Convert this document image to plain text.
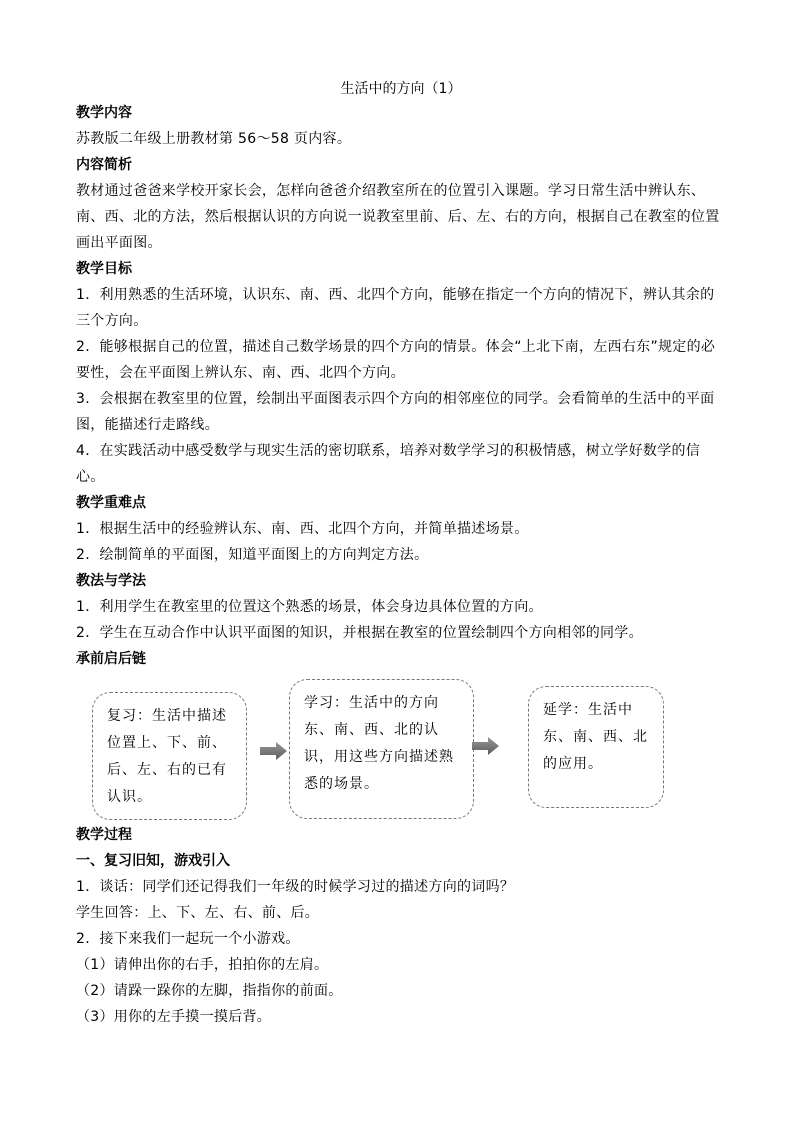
生活中的方向（1）
教学内容
苏教版二年级上册教材第 56～58 页内容。
内容简析
教材通过爸爸来学校开家长会，怎样向爸爸介绍教室所在的位置引入课题。学习日常生活中辨认东、南、西、北的方法，然后根据认识的方向说一说教室里前、后、左、右的方向，根据自己在教室的位置画出平面图。
教学目标
1．利用熟悉的生活环境，认识东、南、西、北四个方向，能够在指定一个方向的情况下，辨认其余的三个方向。
2．能够根据自己的位置，描述自己数学场景的四个方向的情景。体会“上北下南，左西右东”规定的必要性，会在平面图上辨认东、南、西、北四个方向。
3．会根据在教室里的位置，绘制出平面图表示四个方向的相邻座位的同学。会看简单的生活中的平面图，能描述行走路线。
4．在实践活动中感受数学与现实生活的密切联系，培养对数学学习的积极情感，树立学好数学的信心。
教学重难点
1．根据生活中的经验辨认东、南、西、北四个方向，并简单描述场景。
2．绘制简单的平面图，知道平面图上的方向判定方法。
教法与学法
1．利用学生在教室里的位置这个熟悉的场景，体会身边具体位置的方向。
2．学生在互动合作中认识平面图的知识，并根据在教室的位置绘制四个方向相邻的同学。
承前启后链
复习：生活中描述位置上、下、前、后、左、右的已有认识。
学习：生活中的方向东、南、西、北的认识，用这些方向描述熟悉的场景。
延学：生活中东、南、西、北的应用。
教学过程
一、复习旧知，游戏引入
1．谈话：同学们还记得我们一年级的时候学习过的描述方向的词吗？
学生回答：上、下、左、右、前、后。
2．接下来我们一起玩一个小游戏。
（1）请伸出你的右手，拍拍你的左肩。
（2）请跺一跺你的左脚，指指你的前面。
（3）用你的左手摸一摸后背。
